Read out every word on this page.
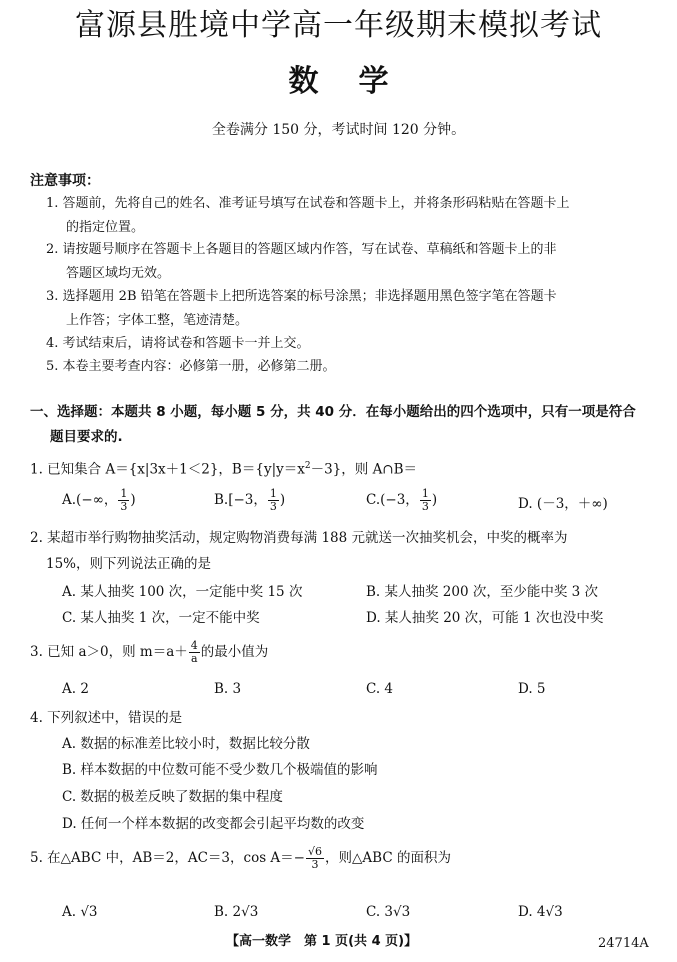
富源县胜境中学高一年级期末模拟考试
数学
全卷满分 150 分，考试时间 120 分钟。
注意事项：
1. 答题前，先将自己的姓名、准考证号填写在试卷和答题卡上，并将条形码粘贴在答题卡上
的指定位置。
2. 请按题号顺序在答题卡上各题目的答题区域内作答，写在试卷、草稿纸和答题卡上的非
答题区域均无效。
3. 选择题用 2B 铅笔在答题卡上把所选答案的标号涂黑；非选择题用黑色签字笔在答题卡
上作答；字体工整，笔迹清楚。
4. 考试结束后，请将试卷和答题卡一并上交。
5. 本卷主要考查内容：必修第一册，必修第二册。
一、选择题：本题共 8 小题，每小题 5 分，共 40 分．在每小题给出的四个选项中，只有一项是符合
题目要求的.
1. 已知集合 A＝{x|3x＋1＜2}，$B=\{y|y=x^2-3\}$，则 A∩B＝
A.(−∞， $\frac{1}{3}$ )	B.[−3， $\frac{1}{3}$ )	C.(−3， $\frac{1}{3}$ )	D. (－3，＋∞)
2. 某超市举行购物抽奖活动，规定购物消费每满 188 元就送一次抽奖机会，中奖的概率为
15%，则下列说法正确的是
A. 某人抽奖 100 次，一定能中奖 15 次	B. 某人抽奖 200 次，至少能中奖 3 次
C. 某人抽奖 1 次，一定不能中奖	D. 某人抽奖 20 次，可能 1 次也没中奖
3. 已知 a＞0，则 $m=a+ \frac{4}{a}$ 的最小值为
A. 2	B. 3	C. 4	D. 5
4. 下列叙述中，错误的是
A. 数据的标准差比较小时，数据比较分散
B. 样本数据的中位数可能不受少数几个极端值的影响
C. 数据的极差反映了数据的集中程度
D. 任何一个样本数据的改变都会引起平均数的改变
5. 在△ABC 中，AB＝2，AC＝3，$\cos A=- \frac{√6}{3}$ ，则△ABC 的面积为
A. √3	B. 2√3	C. 3√3	D. 4√3
【高一数学　第 1 页(共 4 页)】	24714A
